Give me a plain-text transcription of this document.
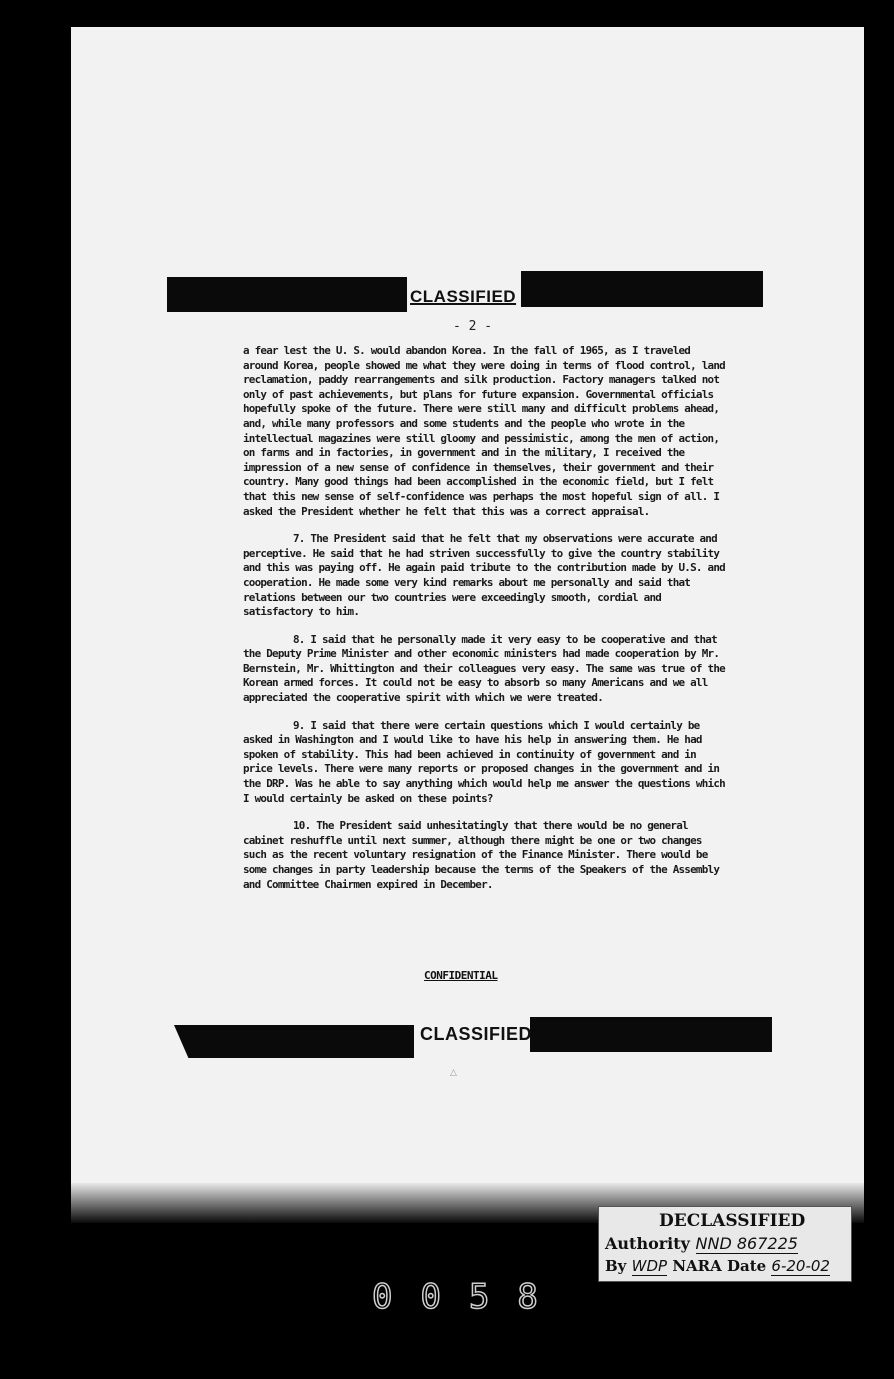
CLASSIFIED
- 2 -

a fear lest the U. S. would abandon Korea. In the fall of 1965, as I traveled around Korea, people showed me what they were doing in terms of flood control, land reclamation, paddy rearrangements and silk production. Factory managers talked not only of past achievements, but plans for future expansion. Governmental officials hopefully spoke of the future. There were still many and difficult problems ahead, and, while many professors and some students and the people who wrote in the intellectual magazines were still gloomy and pessimistic, among the men of action, on farms and in factories, in government and in the military, I received the impression of a new sense of confidence in themselves, their government and their country. Many good things had been accomplished in the economic field, but I felt that this new sense of self-confidence was perhaps the most hopeful sign of all. I asked the President whether he felt that this was a correct appraisal.

7. The President said that he felt that my observations were accurate and perceptive. He said that he had striven successfully to give the country stability and this was paying off. He again paid tribute to the contribution made by U.S. and cooperation. He made some very kind remarks about me personally and said that relations between our two countries were exceedingly smooth, cordial and satisfactory to him.

8. I said that he personally made it very easy to be cooperative and that the Deputy Prime Minister and other economic ministers had made cooperation by Mr. Bernstein, Mr. Whittington and their colleagues very easy. The same was true of the Korean armed forces. It could not be easy to absorb so many Americans and we all appreciated the cooperative spirit with which we were treated.

9. I said that there were certain questions which I would certainly be asked in Washington and I would like to have his help in answering them. He had spoken of stability. This had been achieved in continuity of government and in price levels. There were many reports or proposed changes in the government and in the DRP. Was he able to say anything which would help me answer the questions which I would certainly be asked on these points?

10. The President said unhesitatingly that there would be no general cabinet reshuffle until next summer, although there might be one or two changes such as the recent voluntary resignation of the Finance Minister. There would be some changes in party leadership because the terms of the Speakers of the Assembly and Committee Chairmen expired in December.

CONFIDENTIAL
CLASSIFIED
△
DECLASSIFIED
Authority NND 867225
By WDP NARA Date 6-20-02
0058
